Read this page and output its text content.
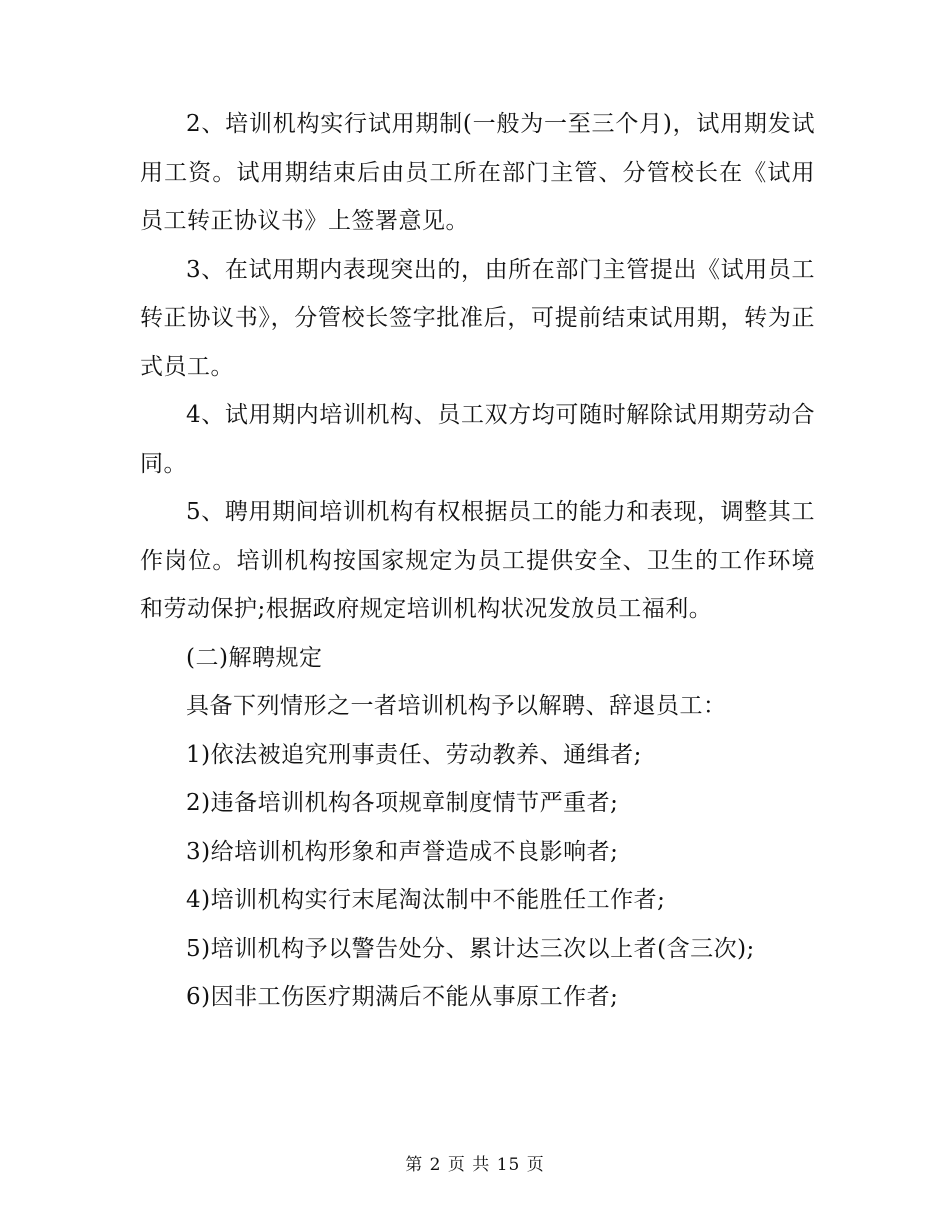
2、培训机构实行试用期制(一般为一至三个月)，试用期发试用工资。试用期结束后由员工所在部门主管、分管校长在《试用员工转正协议书》上签署意见。

3、在试用期内表现突出的，由所在部门主管提出《试用员工转正协议书》，分管校长签字批准后，可提前结束试用期，转为正式员工。

4、试用期内培训机构、员工双方均可随时解除试用期劳动合同。

5、聘用期间培训机构有权根据员工的能力和表现，调整其工作岗位。培训机构按国家规定为员工提供安全、卫生的工作环境和劳动保护;根据政府规定培训机构状况发放员工福利。

(二)解聘规定

具备下列情形之一者培训机构予以解聘、辞退员工：

1)依法被追究刑事责任、劳动教养、通缉者;

2)违备培训机构各项规章制度情节严重者;

3)给培训机构形象和声誉造成不良影响者;

4)培训机构实行末尾淘汰制中不能胜任工作者;

5)培训机构予以警告处分、累计达三次以上者(含三次);

6)因非工伤医疗期满后不能从事原工作者;

第 2 页 共 15 页
